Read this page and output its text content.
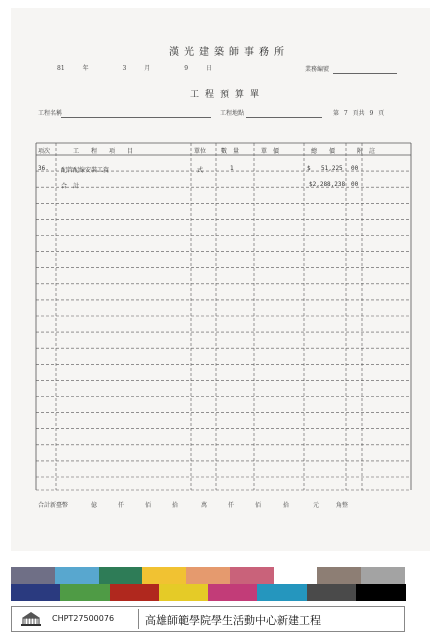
漢光建築師事務所
81	年	3	月	9	日	業務編號
工程預算單
工程名稱	工程地點	第 7 頁共 9 頁
項次	工　　程　　項　　目	單位 數　量	單　價	總　　價	附　註
36. 配管配線安裝工資	式	1	$ 51,225 00
合　計	$2,288,238 00
合計新臺幣	億	仟	佰	拾	萬	仟	佰	拾	元	角整
CHPT27500076	高雄師範學院學生活動中心新建工程
